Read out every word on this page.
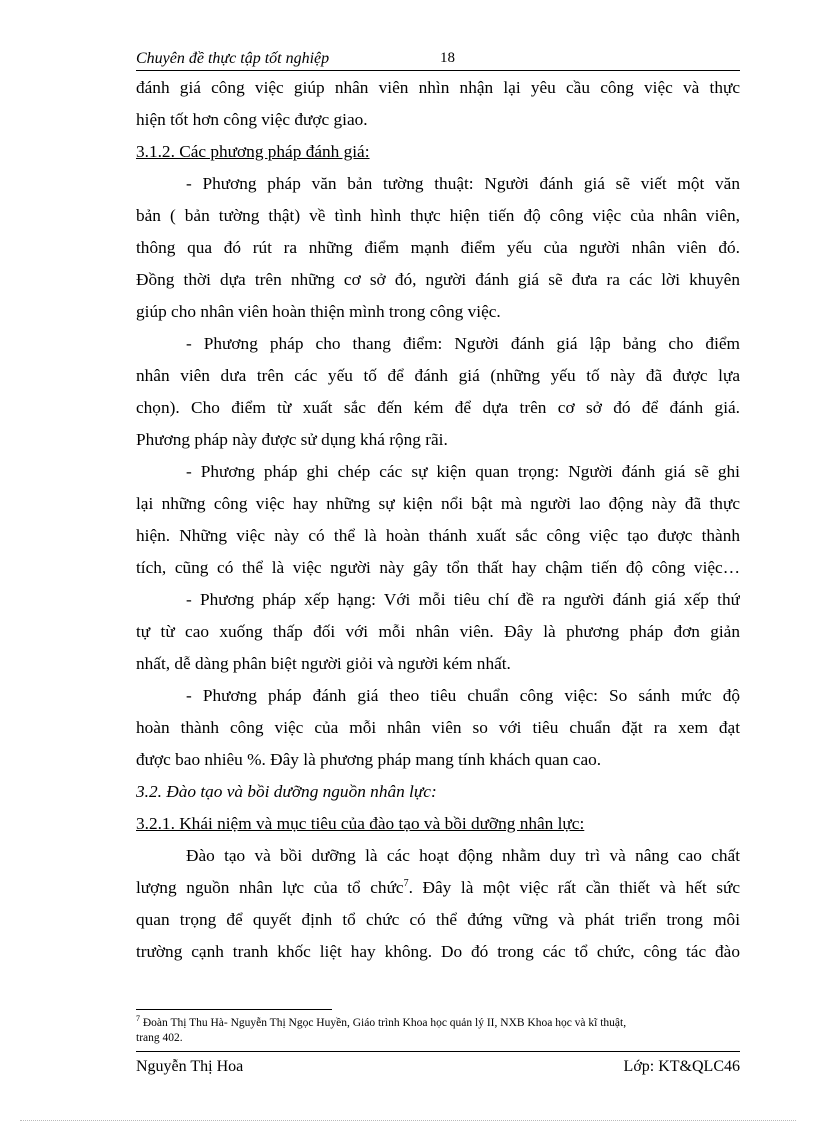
Chuyên đề thực tập tốt nghiệp	18
đánh giá công việc giúp nhân viên nhìn nhận lại yêu cầu công việc và thực
hiện tốt hơn công việc được giao.
3.1.2. Các phương pháp đánh giá:
- Phương pháp văn bản tường thuật: Người đánh giá sẽ viết một văn
bản ( bản tường thật) về tình hình thực hiện tiến độ công việc của nhân viên,
thông qua đó rút ra những điểm mạnh điểm yếu của người nhân viên đó.
Đồng thời dựa trên những cơ sở đó, người đánh giá sẽ đưa ra các lời khuyên
giúp cho nhân viên hoàn thiện mình trong công việc.
- Phương pháp cho thang điểm: Người đánh giá lập bảng cho điểm
nhân viên dưa trên các yếu tố để đánh giá (những yếu tố này đã được lựa
chọn). Cho điểm từ xuất sắc đến kém để dựa trên cơ sở đó để đánh giá.
Phương pháp này được sử dụng khá rộng rãi.
- Phương pháp ghi chép các sự kiện quan trọng: Người đánh giá sẽ ghi
lại những công việc hay những sự kiện nổi bật mà người lao động này đã thực
hiện. Những việc này có thể là hoàn thánh xuất sắc công việc tạo được thành
tích, cũng có thể là việc người này gây tổn thất hay chậm tiến độ công việc…
- Phương pháp xếp hạng: Với mỗi tiêu chí đề ra người đánh giá xếp thứ
tự từ cao xuống thấp đối với mỗi nhân viên. Đây là phương pháp đơn giản
nhất, dễ dàng phân biệt người giỏi và người kém nhất.
- Phương pháp đánh giá theo tiêu chuẩn công việc: So sánh mức độ
hoàn thành công việc của mỗi nhân viên so với tiêu chuẩn đặt ra xem đạt
được bao nhiêu %. Đây là phương pháp mang tính khách quan cao.
3.2. Đào tạo và bồi dưỡng nguồn nhân lực:
3.2.1. Khái niệm và mục tiêu của đào tạo và bồi dưỡng nhân lực:
Đào tạo và bồi dưỡng là các hoạt động nhằm duy trì và nâng cao chất
lượng nguồn nhân lực của tổ chức$^7$. Đây là một việc rất cần thiết và hết sức
quan trọng để quyết định tổ chức có thể đứng vững và phát triển trong môi
trường cạnh tranh khốc liệt hay không. Do đó trong các tổ chức, công tác đào
$^7$ Đoàn Thị Thu Hà- Nguyễn Thị Ngọc Huyền, Giáo trình Khoa học quản lý II, NXB Khoa học và kĩ thuật,
trang 402.
Nguyễn Thị Hoa	Lớp: KT&QLC46
